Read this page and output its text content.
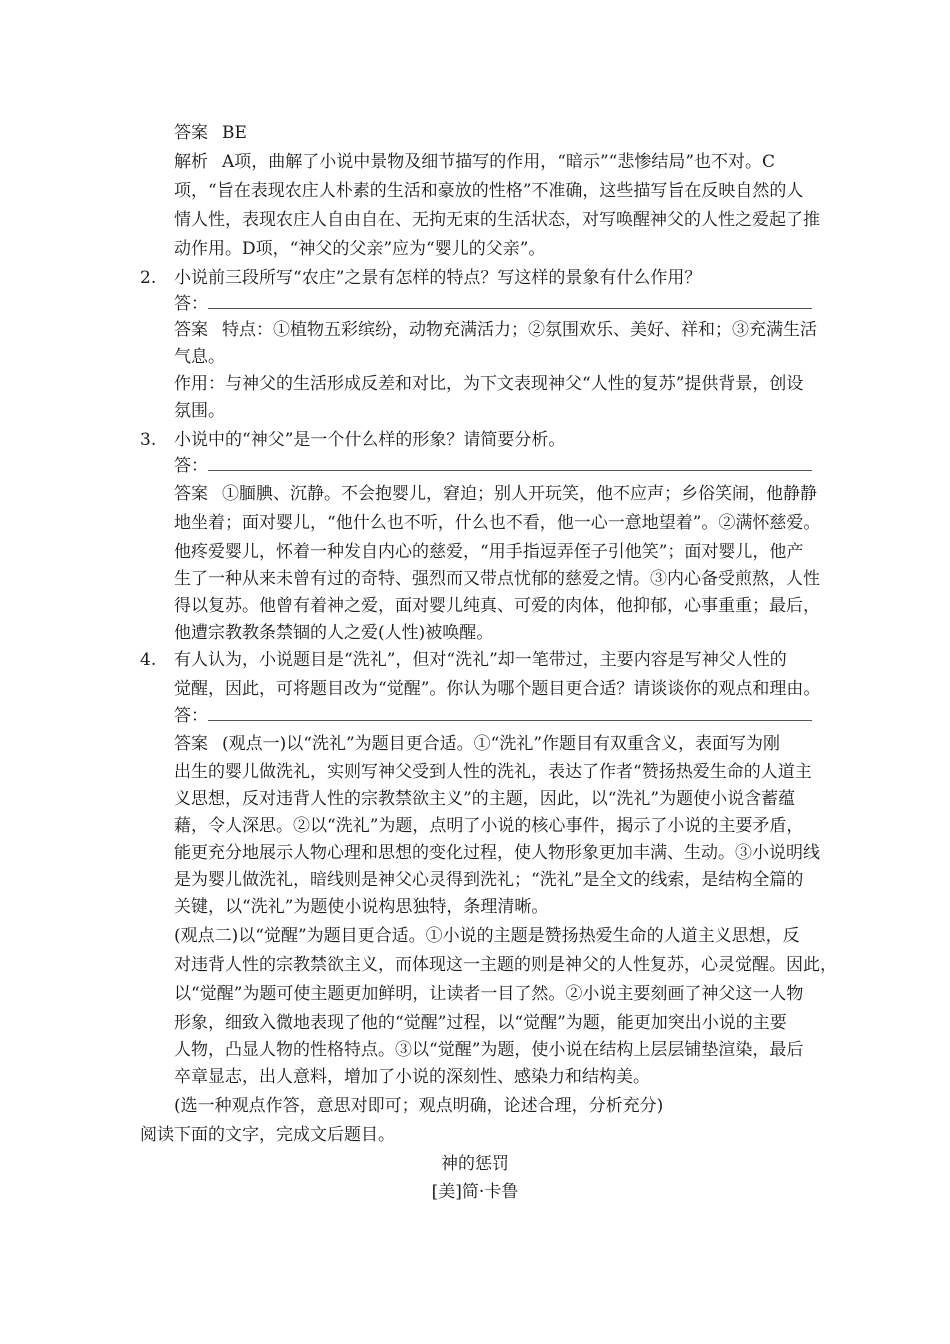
答案 BE
解析 A项，曲解了小说中景物及细节描写的作用，“暗示”“悲惨结局”也不对。C
项，“旨在表现农庄人朴素的生活和豪放的性格”不准确，这些描写旨在反映自然的人
情人性，表现农庄人自由自在、无拘无束的生活状态，对写唤醒神父的人性之爱起了推
动作用。D项，“神父的父亲”应为“婴儿的父亲”。
2. 小说前三段所写“农庄”之景有怎样的特点？写这样的景象有什么作用？
答：
答案 特点：①植物五彩缤纷，动物充满活力；②氛围欢乐、美好、祥和；③充满生活
气息。
作用：与神父的生活形成反差和对比，为下文表现神父“人性的复苏”提供背景，创设
氛围。
3. 小说中的“神父”是一个什么样的形象？请简要分析。
答：
答案 ①腼腆、沉静。不会抱婴儿，窘迫；别人开玩笑，他不应声；乡俗笑闹，他静静
地坐着；面对婴儿，“他什么也不听，什么也不看，他一心一意地望着”。②满怀慈爱。
他疼爱婴儿，怀着一种发自内心的慈爱，“用手指逗弄侄子引他笑”；面对婴儿，他产
生了一种从来未曾有过的奇特、强烈而又带点忧郁的慈爱之情。③内心备受煎熬，人性
得以复苏。他曾有着神之爱，面对婴儿纯真、可爱的肉体，他抑郁，心事重重；最后，
他遭宗教教条禁锢的人之爱(人性)被唤醒。
4. 有人认为，小说题目是“洗礼”，但对“洗礼”却一笔带过，主要内容是写神父人性的
觉醒，因此，可将题目改为“觉醒”。你认为哪个题目更合适？请谈谈你的观点和理由。
答：
答案 (观点一)以“洗礼”为题目更合适。①“洗礼”作题目有双重含义，表面写为刚
出生的婴儿做洗礼，实则写神父受到人性的洗礼，表达了作者“赞扬热爱生命的人道主
义思想，反对违背人性的宗教禁欲主义”的主题，因此，以“洗礼”为题使小说含蓄蕴
藉，令人深思。②以“洗礼”为题，点明了小说的核心事件，揭示了小说的主要矛盾，
能更充分地展示人物心理和思想的变化过程，使人物形象更加丰满、生动。③小说明线
是为婴儿做洗礼，暗线则是神父心灵得到洗礼；“洗礼”是全文的线索，是结构全篇的
关键，以“洗礼”为题使小说构思独特，条理清晰。
(观点二)以“觉醒”为题目更合适。①小说的主题是赞扬热爱生命的人道主义思想，反
对违背人性的宗教禁欲主义，而体现这一主题的则是神父的人性复苏，心灵觉醒。因此，
以“觉醒”为题可使主题更加鲜明，让读者一目了然。②小说主要刻画了神父这一人物
形象，细致入微地表现了他的“觉醒”过程，以“觉醒”为题，能更加突出小说的主要
人物，凸显人物的性格特点。③以“觉醒”为题，使小说在结构上层层铺垫渲染，最后
卒章显志，出人意料，增加了小说的深刻性、感染力和结构美。
(选一种观点作答，意思对即可；观点明确，论述合理，分析充分)
阅读下面的文字，完成文后题目。
神的惩罚
[美]简·卡鲁
